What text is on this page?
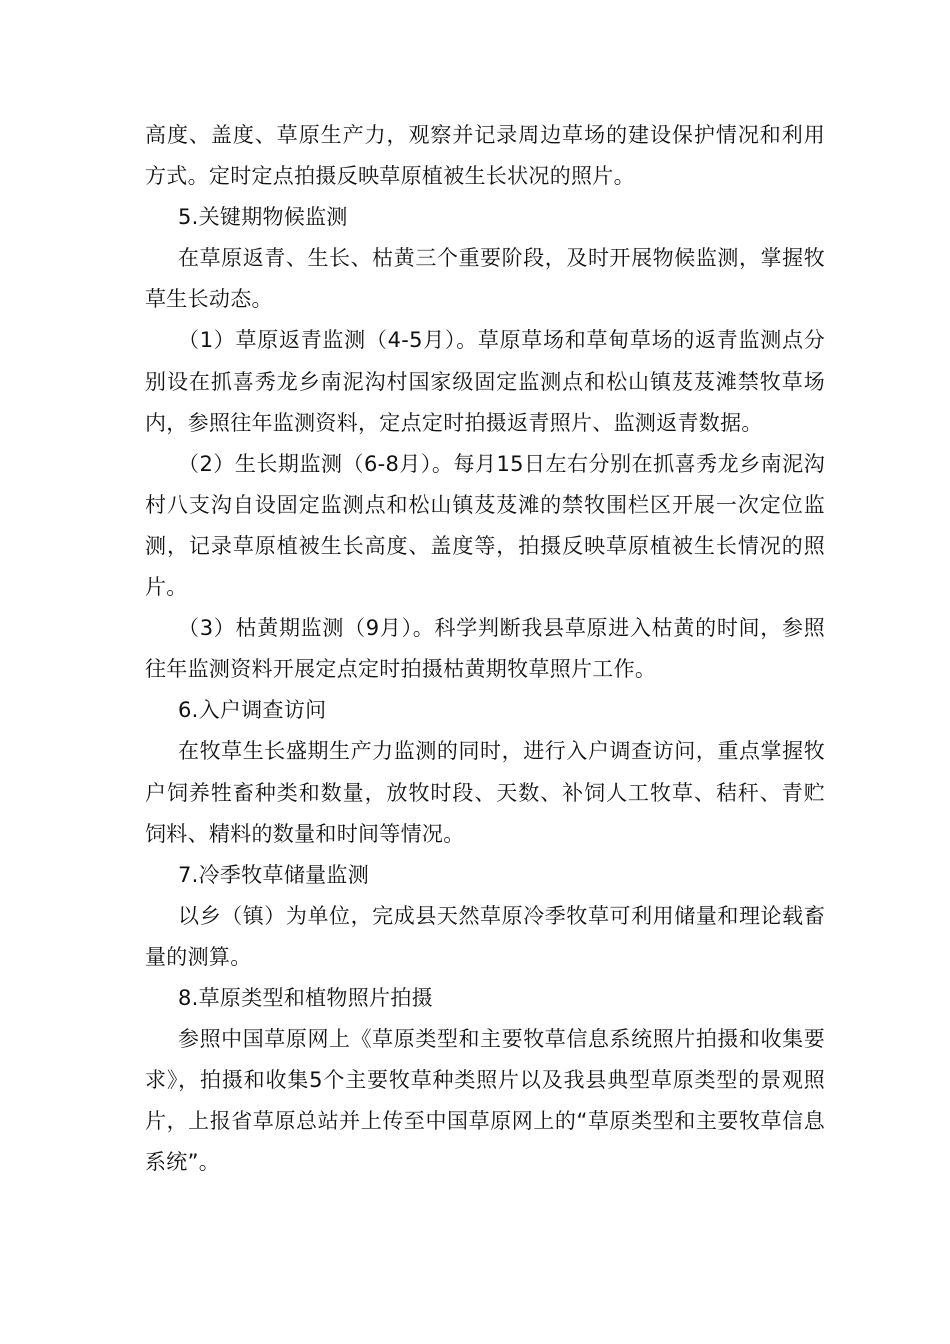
高度、盖度、草原生产力，观察并记录周边草场的建设保护情况和利用方式。定时定点拍摄反映草原植被生长状况的照片。

5.关键期物候监测

在草原返青、生长、枯黄三个重要阶段，及时开展物候监测，掌握牧草生长动态。

（1）草原返青监测（4-5月）。草原草场和草甸草场的返青监测点分别设在抓喜秀龙乡南泥沟村国家级固定监测点和松山镇芨芨滩禁牧草场内，参照往年监测资料，定点定时拍摄返青照片、监测返青数据。

（2）生长期监测（6-8月）。每月15日左右分别在抓喜秀龙乡南泥沟村八支沟自设固定监测点和松山镇芨芨滩的禁牧围栏区开展一次定位监测，记录草原植被生长高度、盖度等，拍摄反映草原植被生长情况的照片。

（3）枯黄期监测（9月）。科学判断我县草原进入枯黄的时间，参照往年监测资料开展定点定时拍摄枯黄期牧草照片工作。

6.入户调查访问

在牧草生长盛期生产力监测的同时，进行入户调查访问，重点掌握牧户饲养牲畜种类和数量，放牧时段、天数、补饲人工牧草、秸秆、青贮饲料、精料的数量和时间等情况。

7.冷季牧草储量监测

以乡（镇）为单位，完成县天然草原冷季牧草可利用储量和理论载畜量的测算。

8.草原类型和植物照片拍摄

参照中国草原网上《草原类型和主要牧草信息系统照片拍摄和收集要求》，拍摄和收集5个主要牧草种类照片以及我县典型草原类型的景观照片，上报省草原总站并上传至中国草原网上的“草原类型和主要牧草信息系统”。
